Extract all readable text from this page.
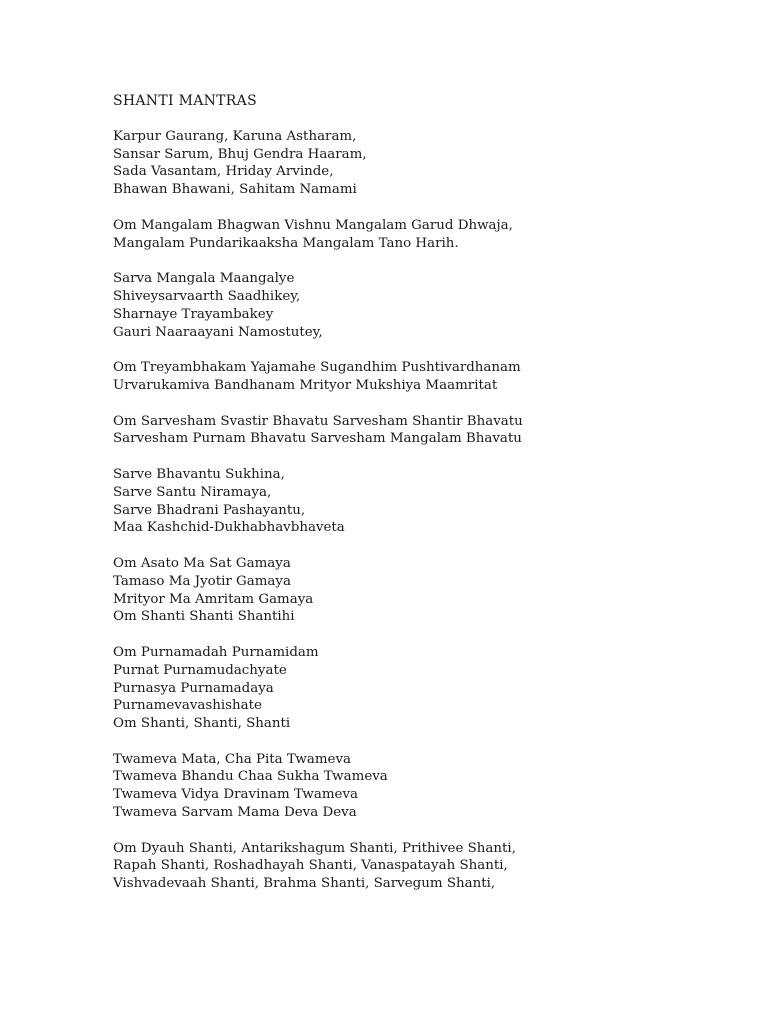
SHANTI MANTRAS
Karpur Gaurang, Karuna Astharam,
Sansar Sarum, Bhuj Gendra Haaram,
Sada Vasantam, Hriday Arvinde,
Bhawan Bhawani, Sahitam Namami
Om Mangalam Bhagwan Vishnu Mangalam Garud Dhwaja,
Mangalam Pundarikaaksha Mangalam Tano Harih.
Sarva Mangala Maangalye
Shiveysarvaarth Saadhikey,
Sharnaye Trayambakey
Gauri Naaraayani Namostutey,
Om Treyambhakam Yajamahe Sugandhim Pushtivardhanam
Urvarukamiva Bandhanam Mrityor Mukshiya Maamritat
Om Sarvesham Svastir Bhavatu Sarvesham Shantir Bhavatu
Sarvesham Purnam Bhavatu Sarvesham Mangalam Bhavatu
Sarve Bhavantu Sukhina,
Sarve Santu Niramaya,
Sarve Bhadrani Pashayantu,
Maa Kashchid-Dukhabhavbhaveta
Om Asato Ma Sat Gamaya
Tamaso Ma Jyotir Gamaya
Mrityor Ma Amritam Gamaya
Om Shanti Shanti Shantihi
Om Purnamadah Purnamidam
Purnat Purnamudachyate
Purnasya Purnamadaya
Purnamevavashishate
Om Shanti, Shanti, Shanti
Twameva Mata, Cha Pita Twameva
Twameva Bhandu Chaa Sukha Twameva
Twameva Vidya Dravinam Twameva
Twameva Sarvam Mama Deva Deva
Om Dyauh Shanti, Antarikshagum Shanti, Prithivee Shanti,
Rapah Shanti, Roshadhayah Shanti, Vanaspatayah Shanti,
Vishvadevaah Shanti, Brahma Shanti, Sarvegum Shanti,
